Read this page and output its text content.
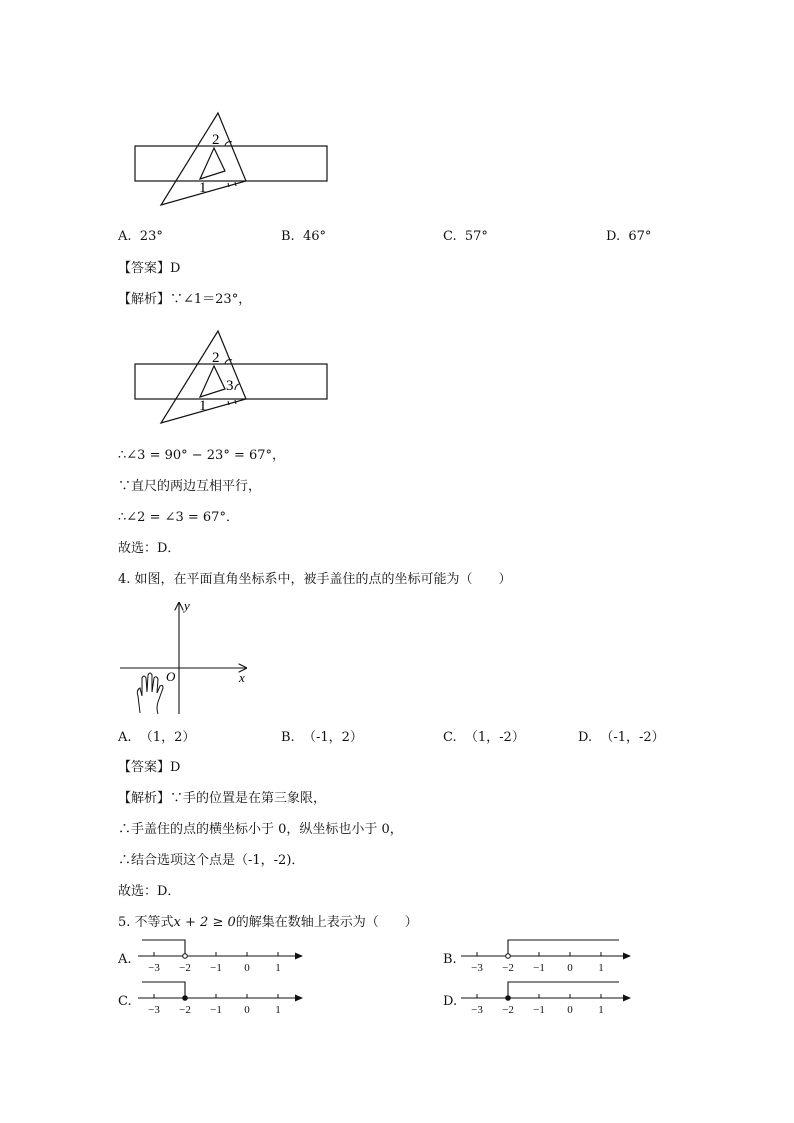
2
1
A. 23°	B. 46°	C. 57°	D. 67°
【答案】D
【解析】∵∠1＝23°，
2
3
1
∴∠3 = 90° − 23° = 67°，
∵直尺的两边互相平行，
∴∠2 = ∠3 = 67°．
故选：D．
4. 如图，在平面直角坐标系中，被手盖住的点的坐标可能为（　　）
y
x
O
A. （1，2）	B. （-1，2）	C. （1，-2）	D. （-1，-2）
【答案】D
【解析】∵手的位置是在第三象限，
∴手盖住的点的横坐标小于 0，纵坐标也小于 0，
∴结合选项这个点是（-1，-2)．
故选：D．
5. 不等式x + 2 ≥ 0的解集在数轴上表示为（　　）
A.
−3 −2 −1 0 1
B.
−3 −2 −1 0 1
C.
−3 −2 −1 0 1
D.
−3 −2 −1 0 1
